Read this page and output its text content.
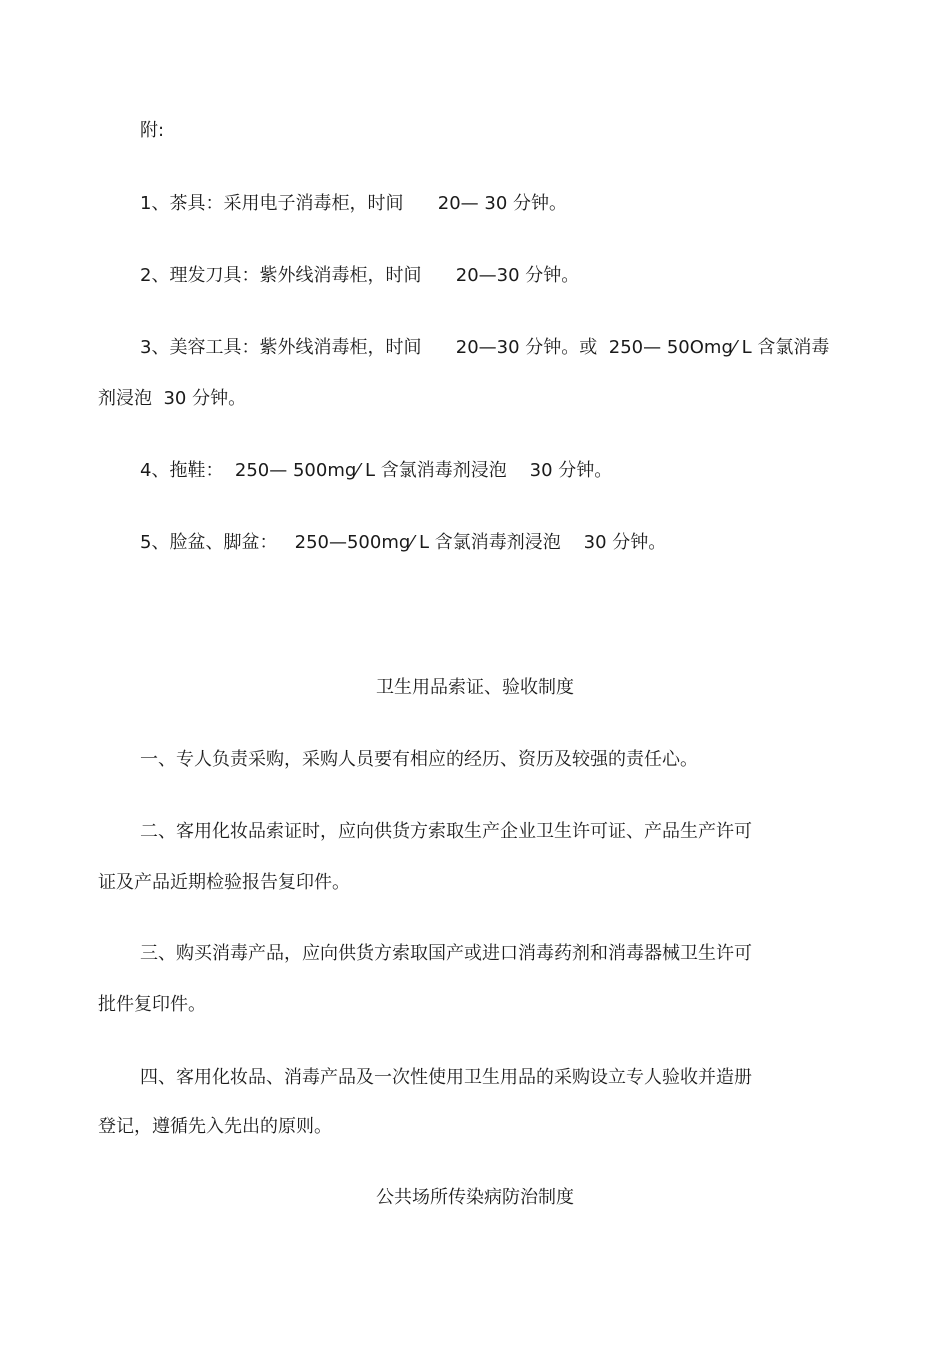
附:
1、茶具：采用电子消毒柜，时间      20— 30 分钟。
2、理发刀具：紫外线消毒柜，时间      20—30 分钟。
3、美容工具：紫外线消毒柜，时间      20—30 分钟。或  250— 50Omg⁄ L 含氯消毒
剂浸泡  30 分钟。
4、拖鞋：  250— 500mg⁄ L 含氯消毒剂浸泡    30 分钟。
5、脸盆、脚盆：   250—500mg⁄ L 含氯消毒剂浸泡    30 分钟。
卫生用品索证、验收制度
一、专人负责采购，采购人员要有相应的经历、资历及较强的责任心。
二、客用化妆品索证时，应向供货方索取生产企业卫生许可证、产品生产许可
证及产品近期检验报告复印件。
三、购买消毒产品，应向供货方索取国产或进口消毒药剂和消毒器械卫生许可
批件复印件。
四、客用化妆品、消毒产品及一次性使用卫生用品的采购设立专人验收并造册
登记，遵循先入先出的原则。
公共场所传染病防治制度
